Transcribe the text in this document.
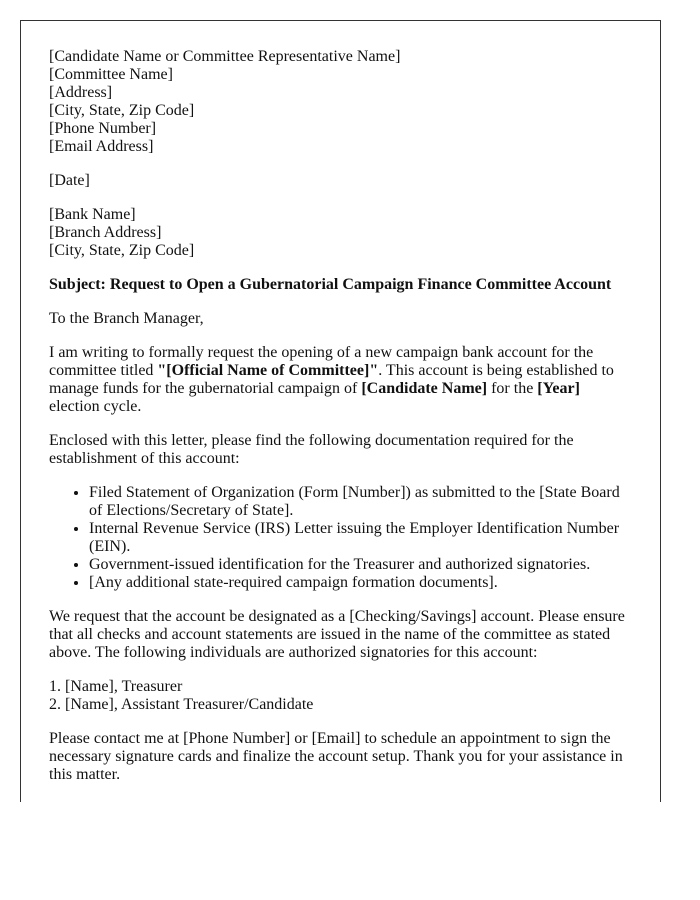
[Candidate Name or Committee Representative Name]
[Committee Name]
[Address]
[City, State, Zip Code]
[Phone Number]
[Email Address]

[Date]

[Bank Name]
[Branch Address]
[City, State, Zip Code]

Subject: Request to Open a Gubernatorial Campaign Finance Committee Account

To the Branch Manager,

I am writing to formally request the opening of a new campaign bank account for the committee titled "[Official Name of Committee]". This account is being established to manage funds for the gubernatorial campaign of [Candidate Name] for the [Year] election cycle.

Enclosed with this letter, please find the following documentation required for the establishment of this account:

• Filed Statement of Organization (Form [Number]) as submitted to the [State Board of Elections/Secretary of State].
• Internal Revenue Service (IRS) Letter issuing the Employer Identification Number (EIN).
• Government-issued identification for the Treasurer and authorized signatories.
• [Any additional state-required campaign formation documents].

We request that the account be designated as a [Checking/Savings] account. Please ensure that all checks and account statements are issued in the name of the committee as stated above. The following individuals are authorized signatories for this account:

1. [Name], Treasurer
2. [Name], Assistant Treasurer/Candidate

Please contact me at [Phone Number] or [Email] to schedule an appointment to sign the necessary signature cards and finalize the account setup. Thank you for your assistance in this matter.
